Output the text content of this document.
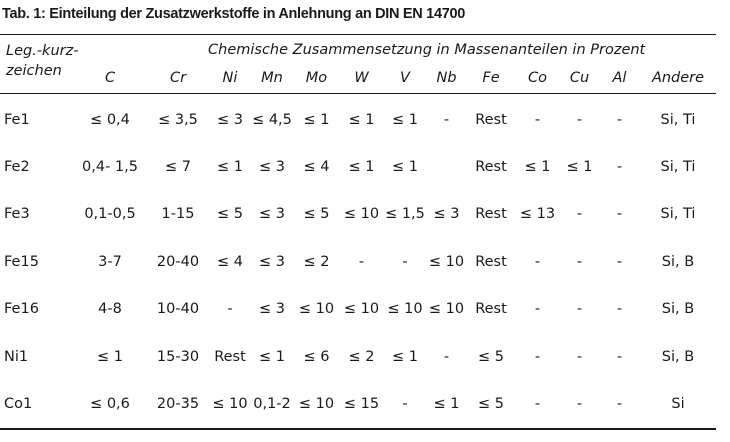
Tab. 1: Einteilung der Zusatzwerkstoffe in Anlehnung an DIN EN 14700
Leg.-kurz-zeichen
Chemische Zusammensetzung in Massenanteilen in Prozent
	C	Cr	Ni	Mn	Mo	W	V	Nb	Fe	Co	Cu	Al	Andere
Fe1	≤ 0,4	≤ 3,5	≤ 3	≤ 4,5	≤ 1	≤ 1	≤ 1	-	Rest	-	-	-	Si, Ti
Fe2	0,4- 1,5	≤ 7	≤ 1	≤ 3	≤ 4	≤ 1	≤ 1		Rest	≤ 1	≤ 1	-	Si, Ti
Fe3	0,1-0,5	1-15	≤ 5	≤ 3	≤ 5	≤ 10	≤ 1,5	≤ 3	Rest	≤ 13	-	-	Si, Ti
Fe15	3-7	20-40	≤ 4	≤ 3	≤ 2	-	-	≤ 10	Rest	-	-	-	Si, B
Fe16	4-8	10-40	-	≤ 3	≤ 10	≤ 10	≤ 10	≤ 10	Rest	-	-	-	Si, B
Ni1	≤ 1	15-30	Rest	≤ 1	≤ 6	≤ 2	≤ 1	-	≤ 5	-	-	-	Si, B
Co1	≤ 0,6	20-35	≤ 10	0,1-2	≤ 10	≤ 15	-	≤ 1	≤ 5	-	-	-	Si
